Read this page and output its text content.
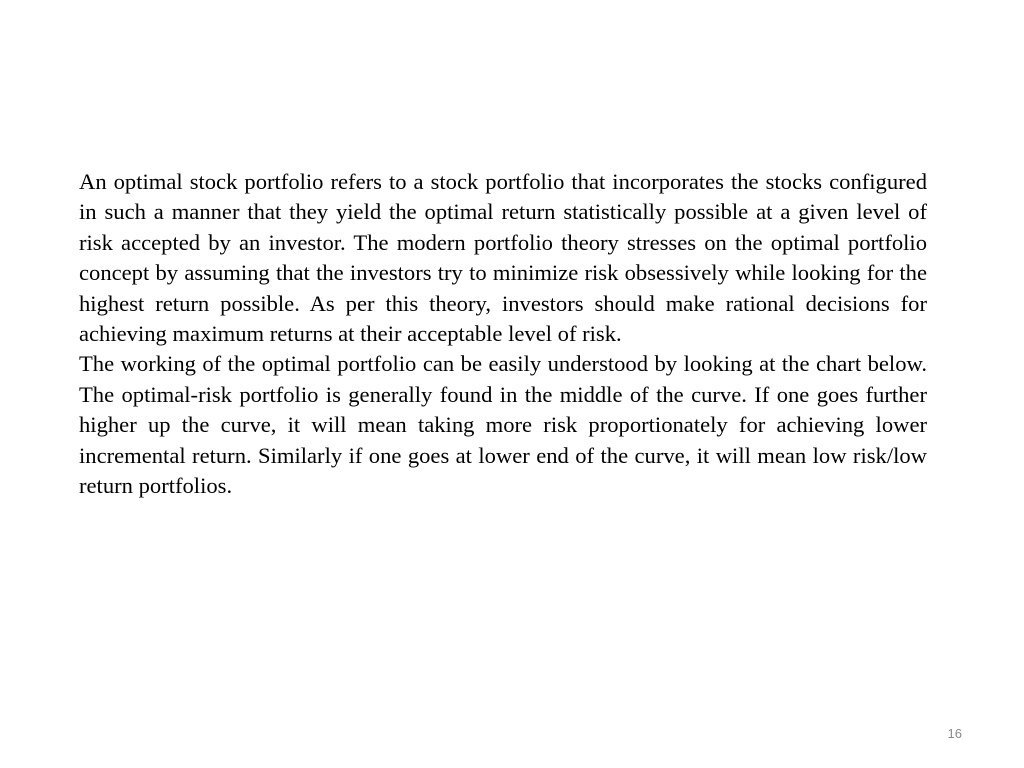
An optimal stock portfolio refers to a stock portfolio that incorporates the stocks configured in such a manner that they yield the optimal return statistically possible at a given level of risk accepted by an investor. The modern portfolio theory stresses on the optimal portfolio concept by assuming that the investors try to minimize risk obsessively while looking for the highest return possible. As per this theory, investors should make rational decisions for achieving maximum returns at their acceptable level of risk.

The working of the optimal portfolio can be easily understood by looking at the chart below. The optimal-risk portfolio is generally found in the middle of the curve. If one goes further higher up the curve, it will mean taking more risk proportionately for achieving lower incremental return. Similarly if one goes at lower end of the curve, it will mean low risk/low return portfolios.

16
